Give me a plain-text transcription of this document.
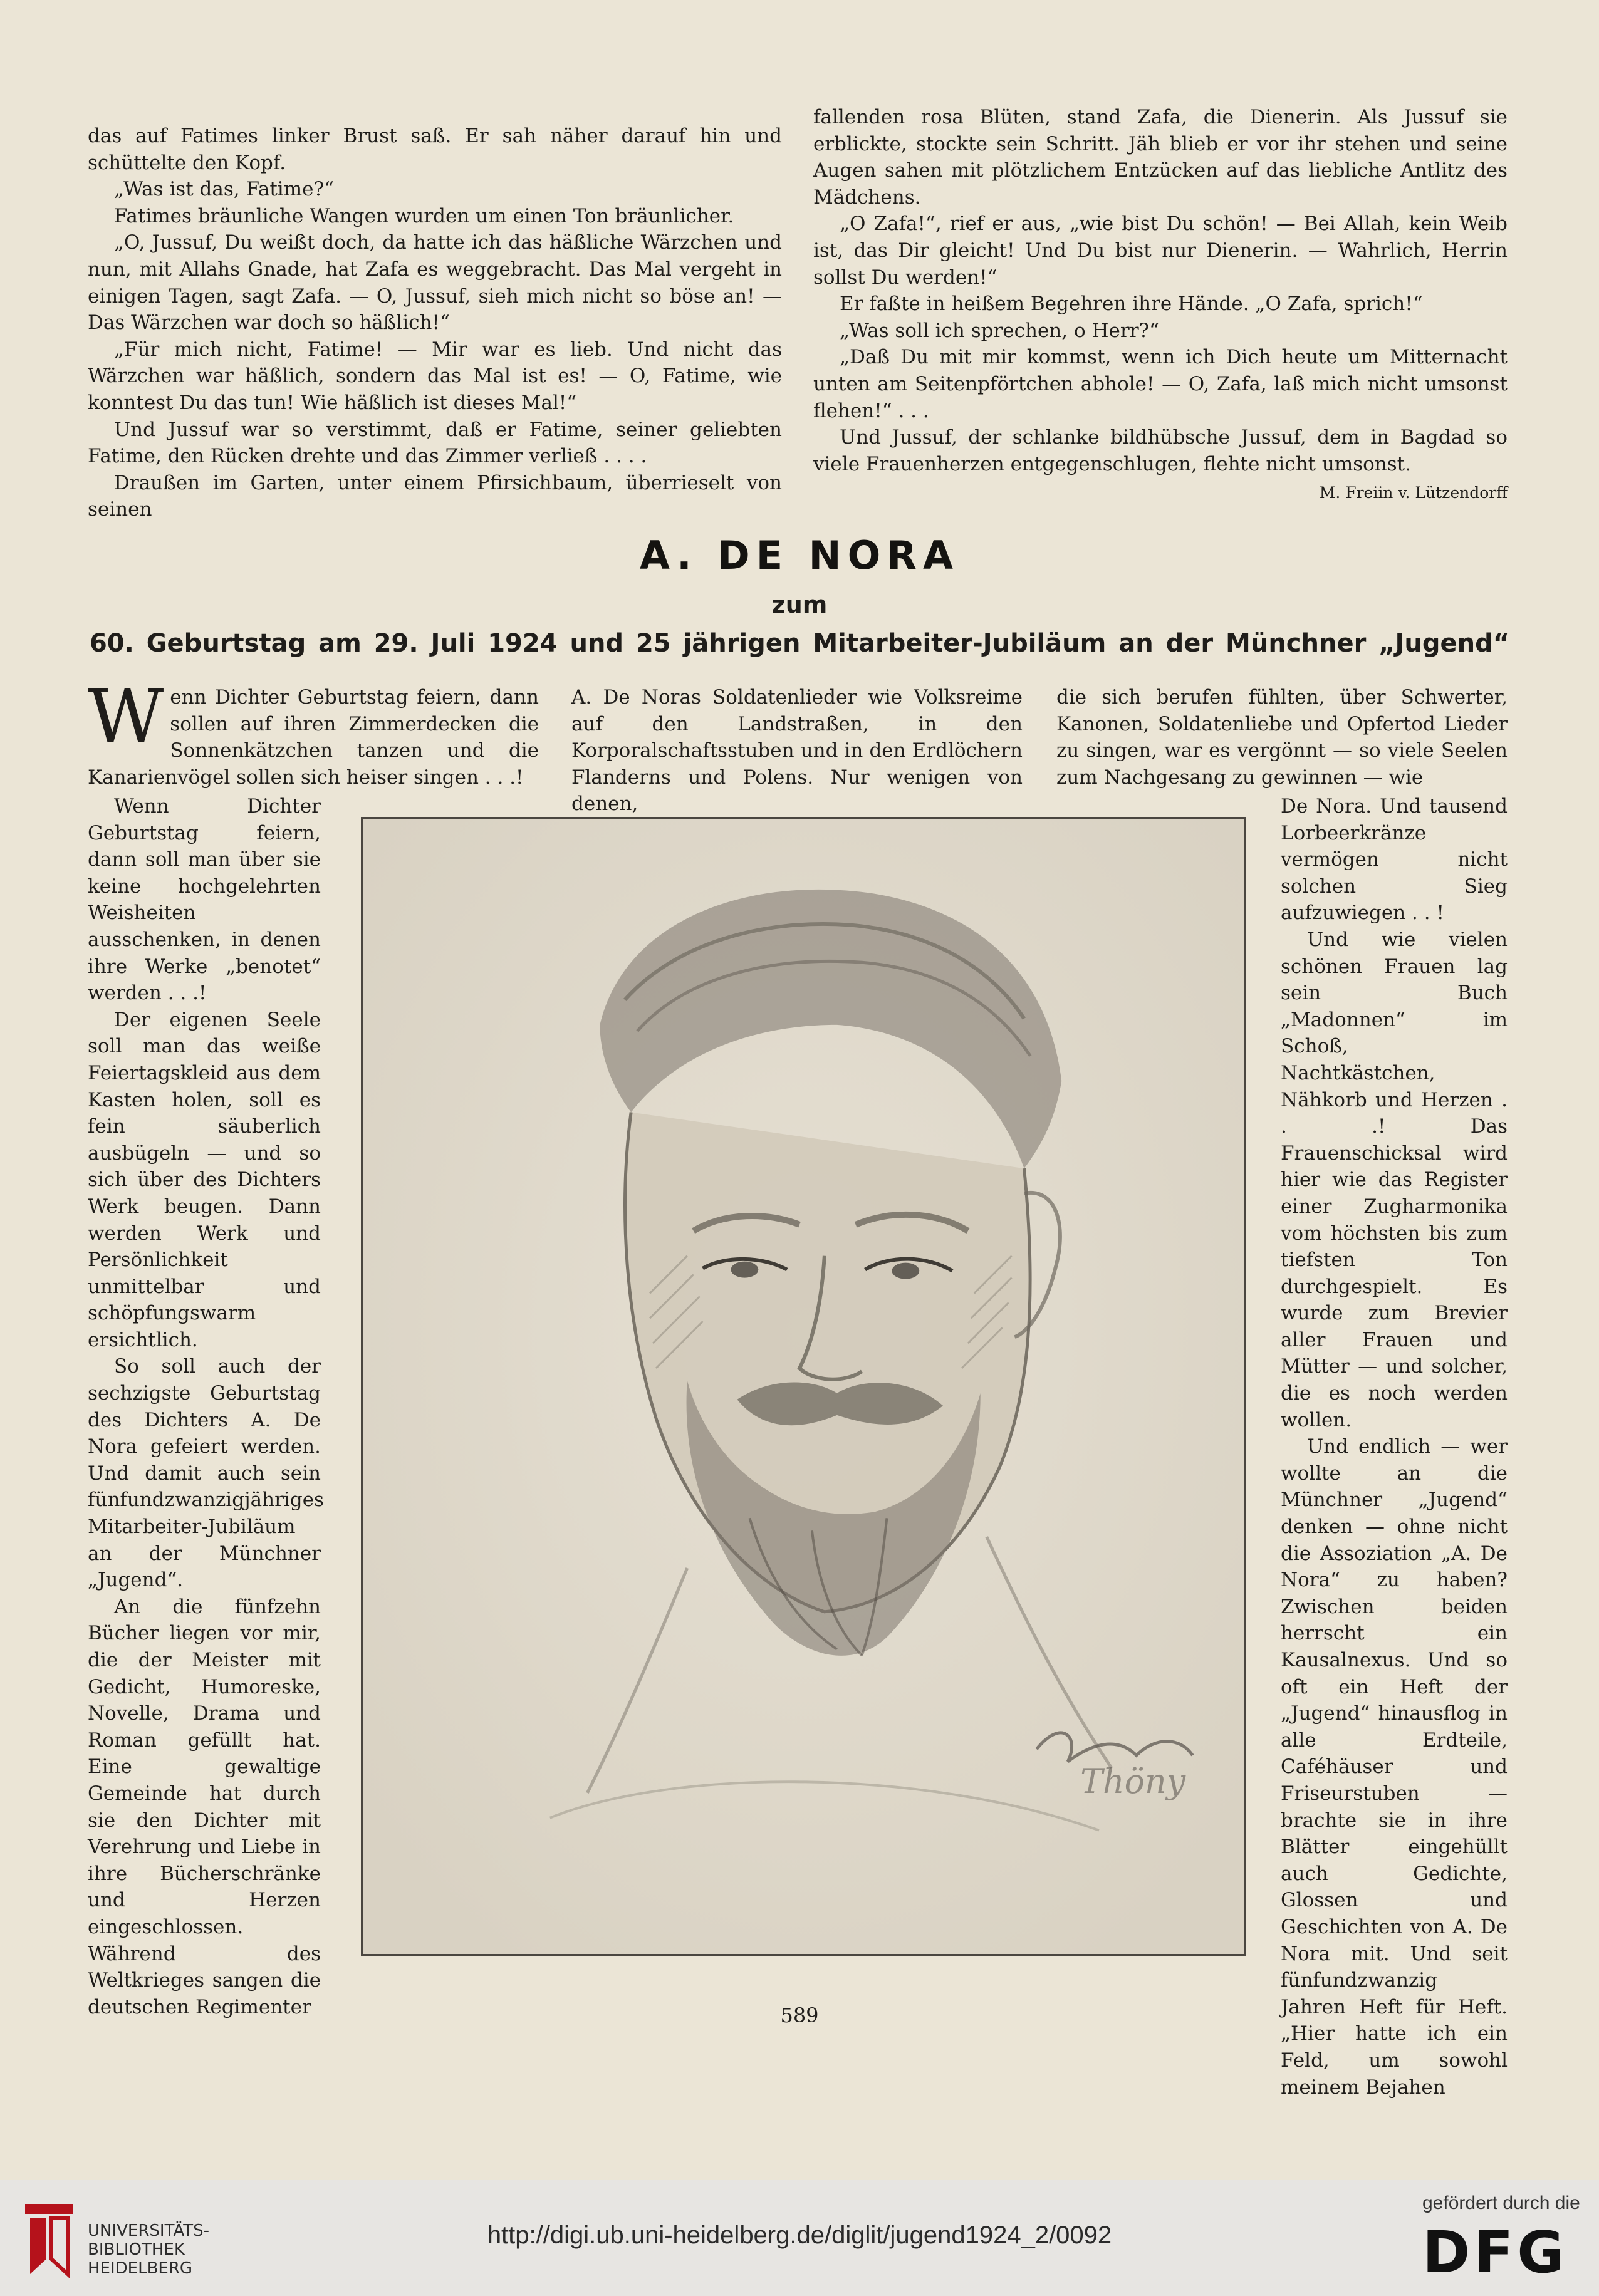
das auf Fatimes linker Brust saß. Er sah näher darauf hin und schüttelte den Kopf.

„Was ist das, Fatime?“

Fatimes bräunliche Wangen wurden um einen Ton bräunlicher.

„O, Jussuf, Du weißt doch, da hatte ich das häßliche Wärzchen und nun, mit Allahs Gnade, hat Zafa es weggebracht. Das Mal vergeht in einigen Tagen, sagt Zafa. — O, Jussuf, sieh mich nicht so böse an! — Das Wärzchen war doch so häßlich!“

„Für mich nicht, Fatime! — Mir war es lieb. Und nicht das Wärzchen war häßlich, sondern das Mal ist es! — O, Fatime, wie konntest Du das tun! Wie häßlich ist dieses Mal!“

Und Jussuf war so verstimmt, daß er Fatime, seiner geliebten Fatime, den Rücken drehte und das Zimmer verließ . . . .

Draußen im Garten, unter einem Pfirsichbaum, überrieselt von seinen

fallenden rosa Blüten, stand Zafa, die Dienerin. Als Jussuf sie erblickte, stockte sein Schritt. Jäh blieb er vor ihr stehen und seine Augen sahen mit plötzlichem Entzücken auf das liebliche Antlitz des Mädchens.

„O Zafa!“, rief er aus, „wie bist Du schön! — Bei Allah, kein Weib ist, das Dir gleicht! Und Du bist nur Dienerin. — Wahrlich, Herrin sollst Du werden!“

Er faßte in heißem Begehren ihre Hände. „O Zafa, sprich!“

„Was soll ich sprechen, o Herr?“

„Daß Du mit mir kommst, wenn ich Dich heute um Mitternacht unten am Seitenpförtchen abhole! — O, Zafa, laß mich nicht umsonst flehen!“ . . .

Und Jussuf, der schlanke bildhübsche Jussuf, dem in Bagdad so viele Frauenherzen entgegenschlugen, flehte nicht umsonst.

M. Freiin v. Lützendorff

A. DE NORA
zum
60. Geburtstag am 29. Juli 1924 und 25 jährigen Mitarbeiter-Jubiläum an der Münchner „Jugend“

Wenn Dichter Geburtstag feiern, dann sollen auf ihren Zimmerdecken die Sonnenkätzchen tanzen und die Kanarienvögel sollen sich heiser singen . . .!

A. De Noras Soldatenlieder wie Volksreime auf den Landstraßen, in den Korporalschaftsstuben und in den Erdlöchern Flanderns und Polens. Nur wenigen von denen,

die sich berufen fühlten, über Schwerter, Kanonen, Soldatenliebe und Opfertod Lieder zu singen, war es vergönnt — so viele Seelen zum Nachgesang zu gewinnen — wie

Wenn Dichter Geburtstag feiern, dann soll man über sie keine hochgelehrten Weisheiten ausschenken, in denen ihre Werke „benotet“ werden . . .!

Der eigenen Seele soll man das weiße Feiertagskleid aus dem Kasten holen, soll es fein säuberlich ausbügeln — und so sich über des Dichters Werk beugen. Dann werden Werk und Persönlichkeit unmittelbar und schöpfungswarm ersichtlich.

So soll auch der sechzigste Geburtstag des Dichters A. De Nora gefeiert werden. Und damit auch sein fünfundzwanzigjähriges Mitarbeiter-Jubiläum an der Münchner „Jugend“.

An die fünfzehn Bücher liegen vor mir, die der Meister mit Gedicht, Humoreske, Novelle, Drama und Roman gefüllt hat. Eine gewaltige Gemeinde hat durch sie den Dichter mit Verehrung und Liebe in ihre Bücherschränke und Herzen eingeschlossen. Während des Weltkrieges sangen die deutschen Regimenter

Thöny

De Nora. Und tausend Lorbeerkränze vermögen nicht solchen Sieg aufzuwiegen . . !

Und wie vielen schönen Frauen lag sein Buch „Madonnen“ im Schoß, Nachtkästchen, Nähkorb und Herzen . . .! Das Frauenschicksal wird hier wie das Register einer Zugharmonika vom höchsten bis zum tiefsten Ton durchgespielt. Es wurde zum Brevier aller Frauen und Mütter — und solcher, die es noch werden wollen.

Und endlich — wer wollte an die Münchner „Jugend“ denken — ohne nicht die Assoziation „A. De Nora“ zu haben? Zwischen beiden herrscht ein Kausalnexus. Und so oft ein Heft der „Jugend“ hinausflog in alle Erdteile, Caféhäuser und Friseurstuben — brachte sie in ihre Blätter eingehüllt auch Gedichte, Glossen und Geschichten von A. De Nora mit. Und seit fünfundzwanzig Jahren Heft für Heft. „Hier hatte ich ein Feld, um sowohl meinem Bejahen

589
UNIVERSITÄTS-
BIBLIOTHEK
HEIDELBERG
http://digi.ub.uni-heidelberg.de/diglit/jugend1924_2/0092
gefördert durch die
DFG
